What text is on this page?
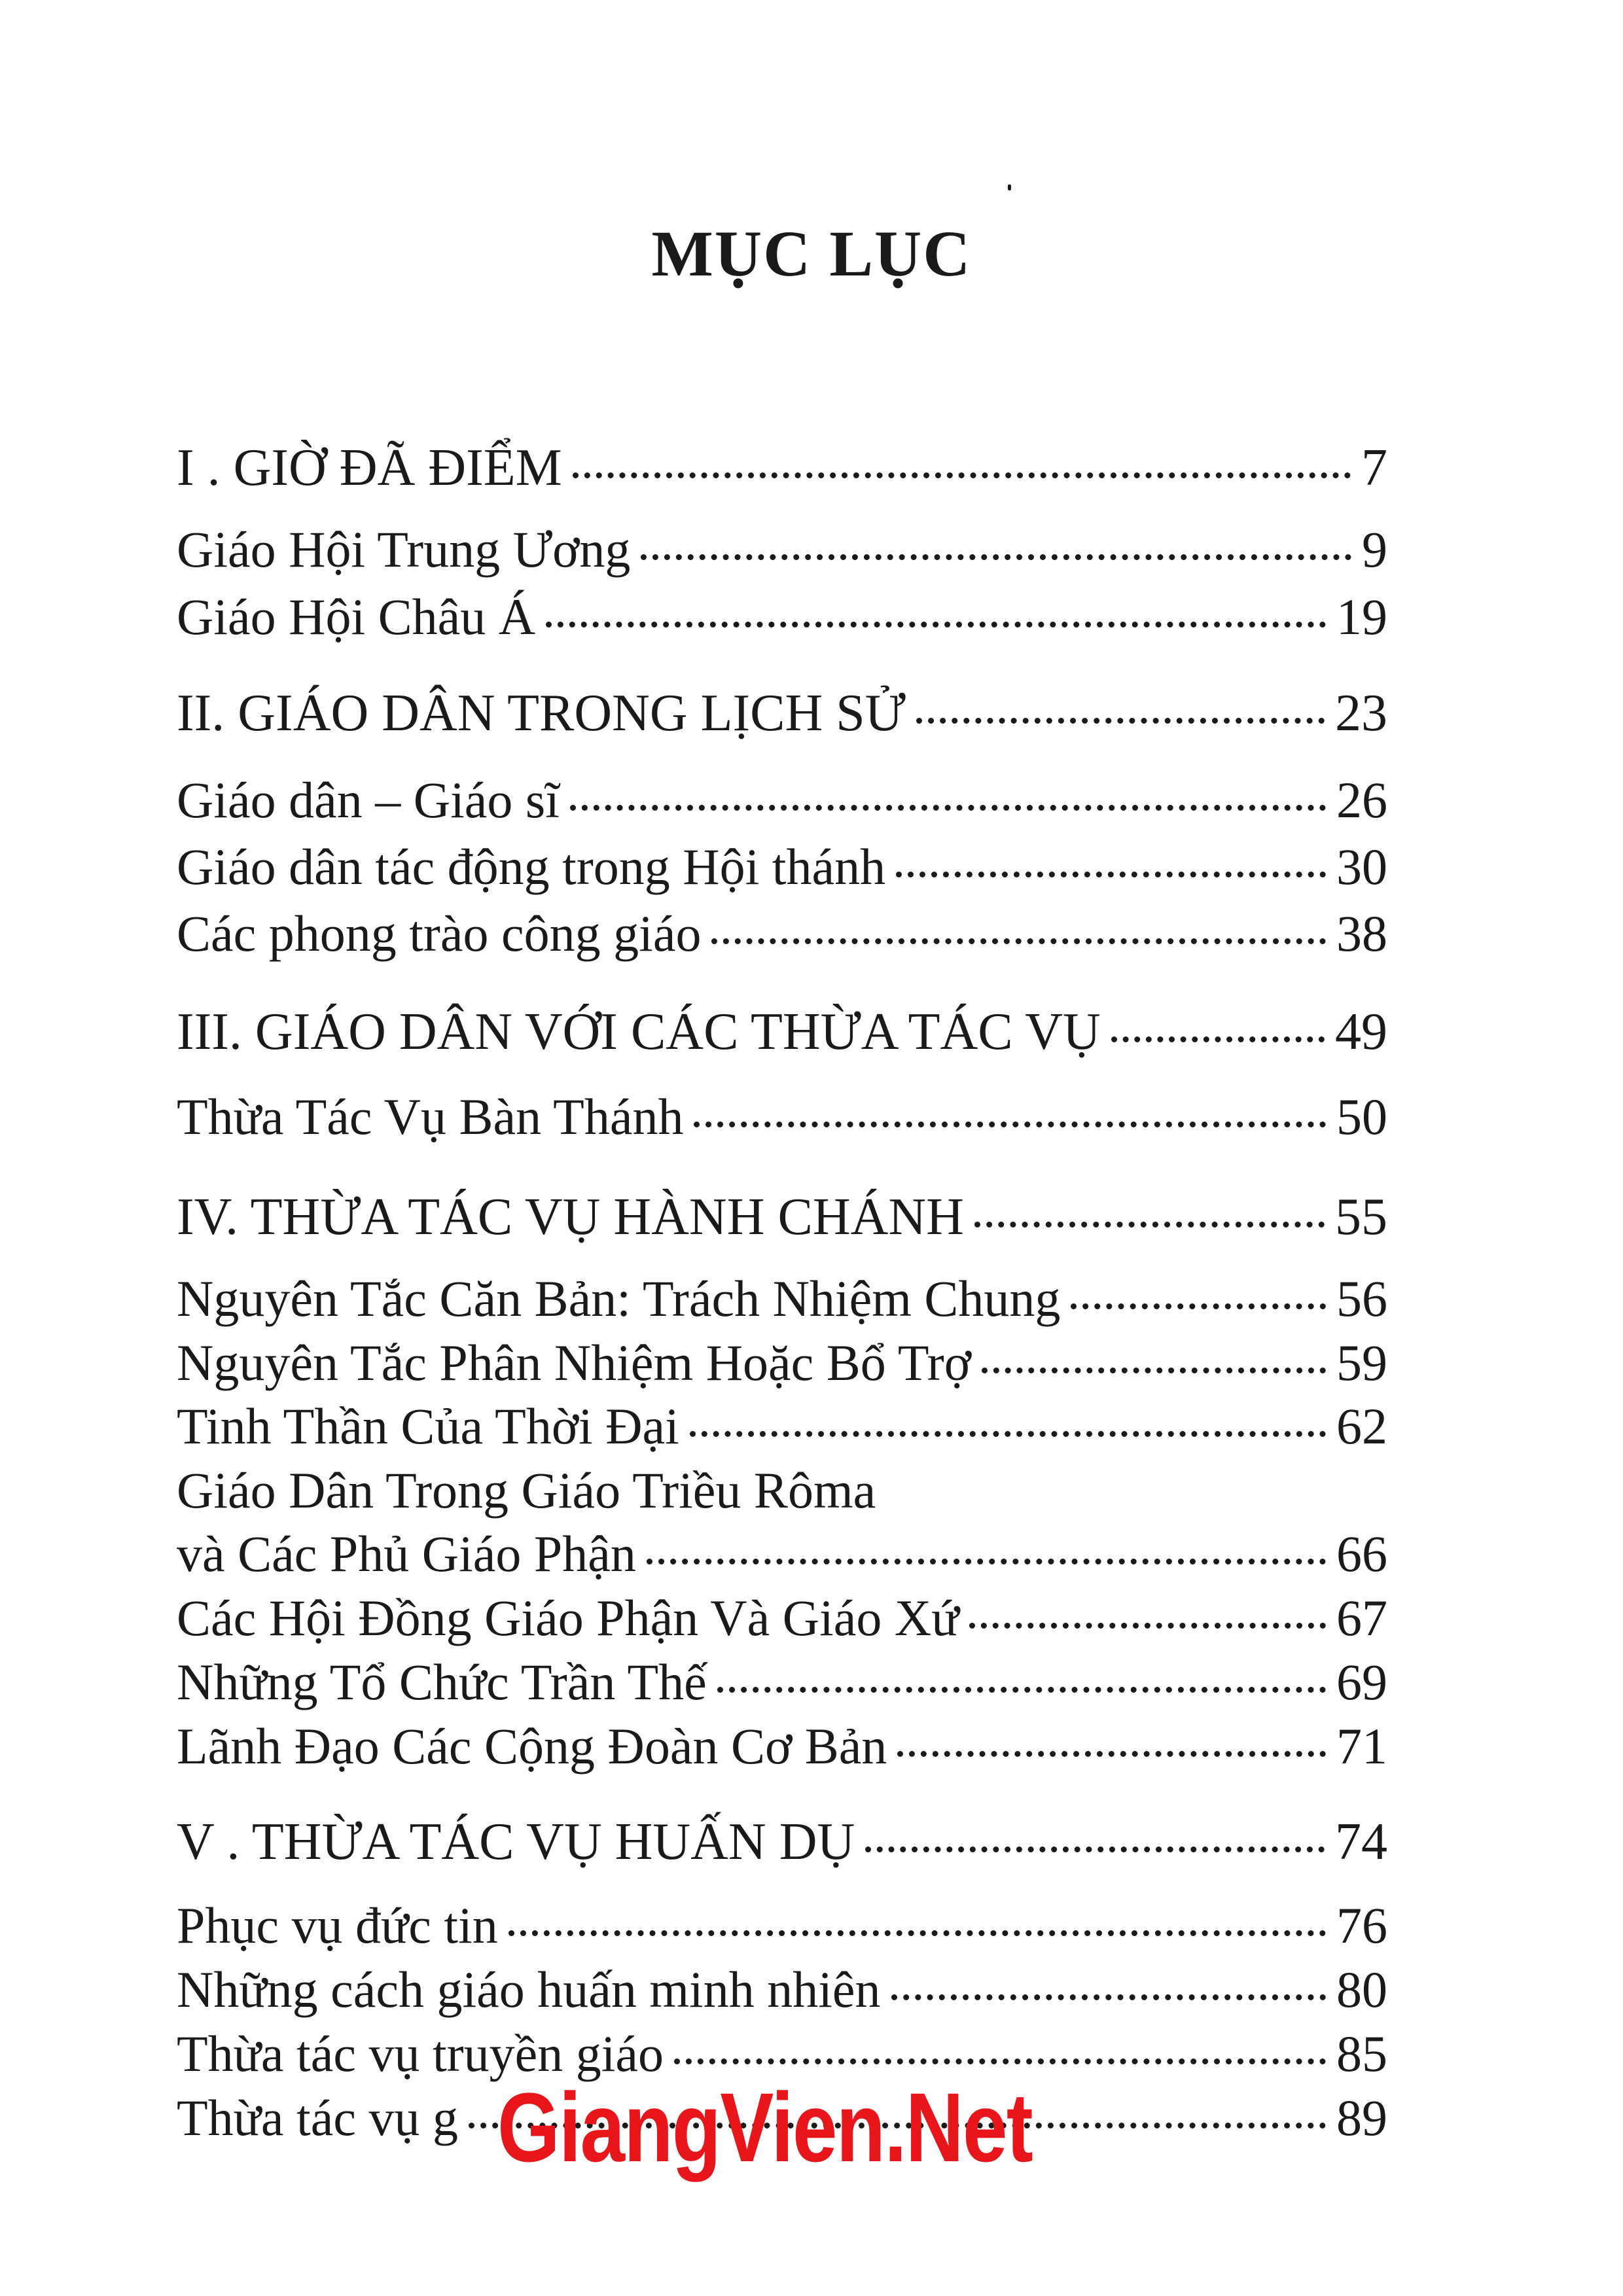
MỤC LỤC
I . GIỜ ĐÃ ĐIỂM	7
Giáo Hội Trung Ương	9
Giáo Hội Châu Á	19
II. GIÁO DÂN TRONG LỊCH SỬ	23
Giáo dân – Giáo sĩ	26
Giáo dân tác động trong Hội thánh	30
Các phong trào công giáo	38
III. GIÁO DÂN VỚI CÁC THỪA TÁC VỤ	49
Thừa Tác Vụ Bàn Thánh	50
IV. THỪA TÁC VỤ HÀNH CHÁNH	55
Nguyên Tắc Căn Bản: Trách Nhiệm Chung	56
Nguyên Tắc Phân Nhiệm Hoặc Bổ Trợ	59
Tinh Thần Của Thời Đại	62
Giáo Dân Trong Giáo Triều Rôma
và Các Phủ Giáo Phận	66
Các Hội Đồng Giáo Phận Và Giáo Xứ	67
Những Tổ Chức Trần Thế	69
Lãnh Đạo Các Cộng Đoàn Cơ Bản	71
V . THỪA TÁC VỤ HUẤN DỤ	74
Phục vụ đức tin	76
Những cách giáo huấn minh nhiên	80
Thừa tác vụ truyền giáo	85
Thừa tác vụ g	89
GiangVien.Net
